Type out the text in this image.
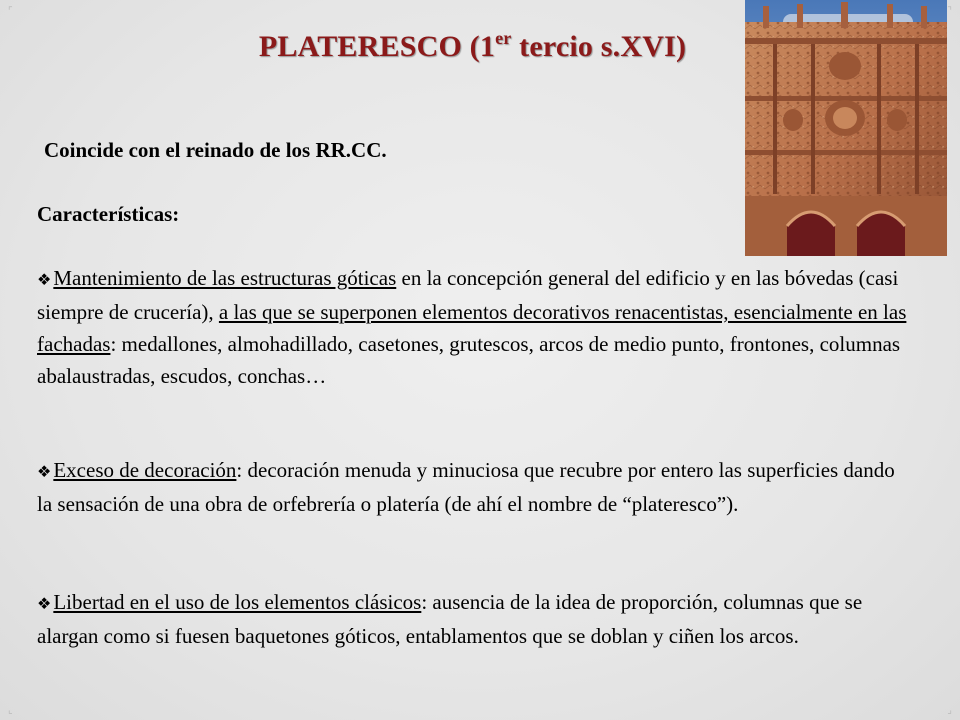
⌜	⌝
⌞	⌟
PLATERESCO (1er tercio s.XVI)
Coincide con el reinado de los RR.CC.
Características:
❖Mantenimiento de las estructuras góticas en la concepción general del edificio y en las bóvedas (casi siempre de crucería), a las que se superponen elementos decorativos renacentistas, esencialmente en las fachadas: medallones, almohadillado, casetones, grutescos, arcos de medio punto, frontones, columnas abalaustradas, escudos, conchas…
❖Exceso de decoración: decoración menuda y minuciosa que recubre por entero las superficies dando la sensación de una obra de orfebrería o platería (de ahí el nombre de “plateresco”).
❖Libertad en el uso de los elementos clásicos: ausencia de la idea de proporción, columnas que se alargan como si fuesen baquetones góticos, entablamentos que se doblan y ciñen los arcos.
